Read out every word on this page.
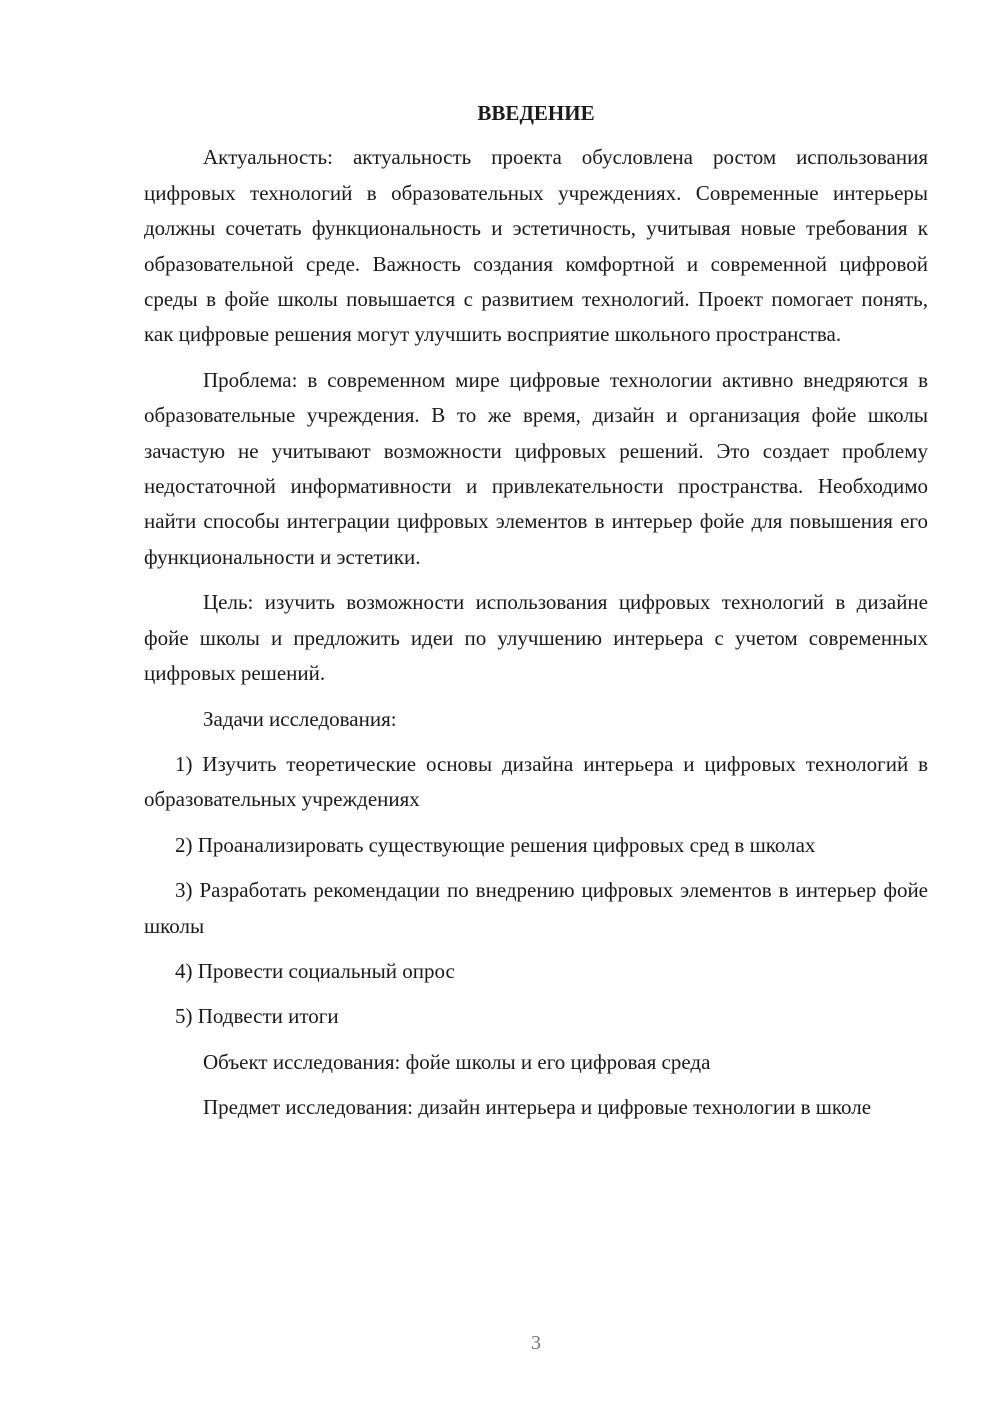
ВВЕДЕНИЕ

Актуальность: актуальность проекта обусловлена ростом использования цифровых технологий в образовательных учреждениях. Современные интерьеры должны сочетать функциональность и эстетичность, учитывая новые требования к образовательной среде. Важность создания комфортной и современной цифровой среды в фойе школы повышается с развитием технологий. Проект помогает понять, как цифровые решения могут улучшить восприятие школьного пространства.

Проблема: в современном мире цифровые технологии активно внедряются в образовательные учреждения. В то же время, дизайн и организация фойе школы зачастую не учитывают возможности цифровых решений. Это создает проблему недостаточной информативности и привлекательности пространства. Необходимо найти способы интеграции цифровых элементов в интерьер фойе для повышения его функциональности и эстетики.

Цель: изучить возможности использования цифровых технологий в дизайне фойе школы и предложить идеи по улучшению интерьера с учетом современных цифровых решений.

Задачи исследования:

1) Изучить теоретические основы дизайна интерьера и цифровых технологий в образовательных учреждениях

2) Проанализировать существующие решения цифровых сред в школах

3) Разработать рекомендации по внедрению цифровых элементов в интерьер фойе школы

4) Провести социальный опрос

5) Подвести итоги

Объект исследования: фойе школы и его цифровая среда

Предмет исследования: дизайн интерьера и цифровые технологии в школе

3
